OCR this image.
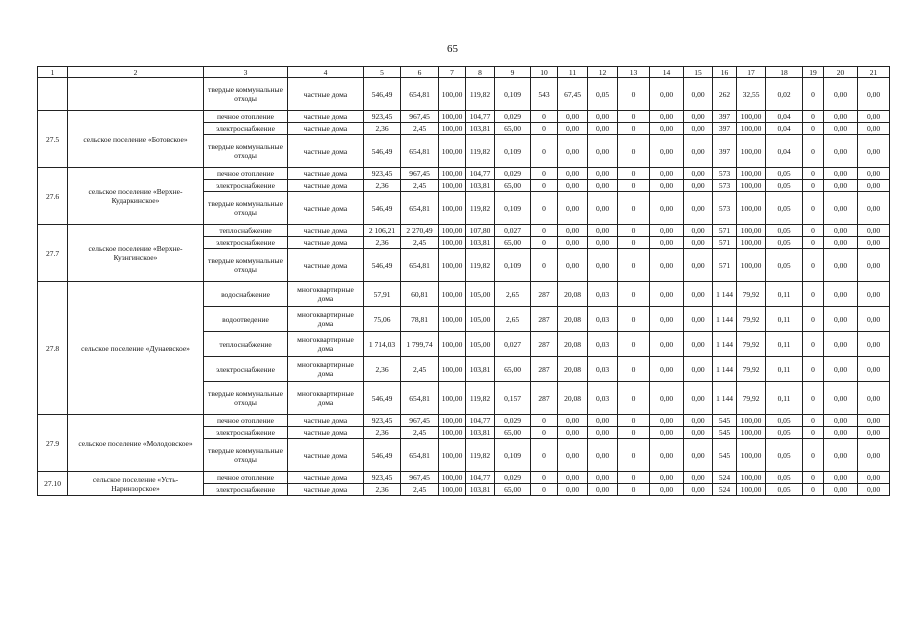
65
1	2	3	4	5	6	7	8	9	10	11	12	13	14	15	16	17	18	19	20	21
		твердые коммунальные отходы	частные дома	546,49	654,81	100,00	119,82	0,109	543	67,45	0,05	0	0,00	0,00	262	32,55	0,02	0	0,00	0,00
27.5	сельское поселение «Ботовское»	печное отопление	частные дома	923,45	967,45	100,00	104,77	0,029	0	0,00	0,00	0	0,00	0,00	397	100,00	0,04	0	0,00	0,00
		электроснабжение	частные дома	2,36	2,45	100,00	103,81	65,00	0	0,00	0,00	0	0,00	0,00	397	100,00	0,04	0	0,00	0,00
		твердые коммунальные отходы	частные дома	546,49	654,81	100,00	119,82	0,109	0	0,00	0,00	0	0,00	0,00	397	100,00	0,04	0	0,00	0,00
27.6	сельское поселение «Верхне-Кударкинское»	печное отопление	частные дома	923,45	967,45	100,00	104,77	0,029	0	0,00	0,00	0	0,00	0,00	573	100,00	0,05	0	0,00	0,00
		электроснабжение	частные дома	2,36	2,45	100,00	103,81	65,00	0	0,00	0,00	0	0,00	0,00	573	100,00	0,05	0	0,00	0,00
		твердые коммунальные отходы	частные дома	546,49	654,81	100,00	119,82	0,109	0	0,00	0,00	0	0,00	0,00	573	100,00	0,05	0	0,00	0,00
27.7	сельское поселение «Верхне-Кузнгинское»	теплоснабжение	частные дома	2 106,21	2 270,49	100,00	107,80	0,027	0	0,00	0,00	0	0,00	0,00	571	100,00	0,05	0	0,00	0,00
		электроснабжение	частные дома	2,36	2,45	100,00	103,81	65,00	0	0,00	0,00	0	0,00	0,00	571	100,00	0,05	0	0,00	0,00
		твердые коммунальные отходы	частные дома	546,49	654,81	100,00	119,82	0,109	0	0,00	0,00	0	0,00	0,00	571	100,00	0,05	0	0,00	0,00
27.8	сельское поселение «Дунаевское»	водоснабжение	многоквартирные дома	57,91	60,81	100,00	105,00	2,65	287	20,08	0,03	0	0,00	0,00	1 144	79,92	0,11	0	0,00	0,00
		водоотведение	многоквартирные дома	75,06	78,81	100,00	105,00	2,65	287	20,08	0,03	0	0,00	0,00	1 144	79,92	0,11	0	0,00	0,00
		теплоснабжение	многоквартирные дома	1 714,03	1 799,74	100,00	105,00	0,027	287	20,08	0,03	0	0,00	0,00	1 144	79,92	0,11	0	0,00	0,00
		электроснабжение	многоквартирные дома	2,36	2,45	100,00	103,81	65,00	287	20,08	0,03	0	0,00	0,00	1 144	79,92	0,11	0	0,00	0,00
		твердые коммунальные отходы	многоквартирные дома	546,49	654,81	100,00	119,82	0,157	287	20,08	0,03	0	0,00	0,00	1 144	79,92	0,11	0	0,00	0,00
27.9	сельское поселение «Молодовское»	печное отопление	частные дома	923,45	967,45	100,00	104,77	0,029	0	0,00	0,00	0	0,00	0,00	545	100,00	0,05	0	0,00	0,00
		электроснабжение	частные дома	2,36	2,45	100,00	103,81	65,00	0	0,00	0,00	0	0,00	0,00	545	100,00	0,05	0	0,00	0,00
		твердые коммунальные отходы	частные дома	546,49	654,81	100,00	119,82	0,109	0	0,00	0,00	0	0,00	0,00	545	100,00	0,05	0	0,00	0,00
27.10	сельское поселение «Усть-Наринзорское»	печное отопление	частные дома	923,45	967,45	100,00	104,77	0,029	0	0,00	0,00	0	0,00	0,00	524	100,00	0,05	0	0,00	0,00
		электроснабжение	частные дома	2,36	2,45	100,00	103,81	65,00	0	0,00	0,00	0	0,00	0,00	524	100,00	0,05	0	0,00	0,00
